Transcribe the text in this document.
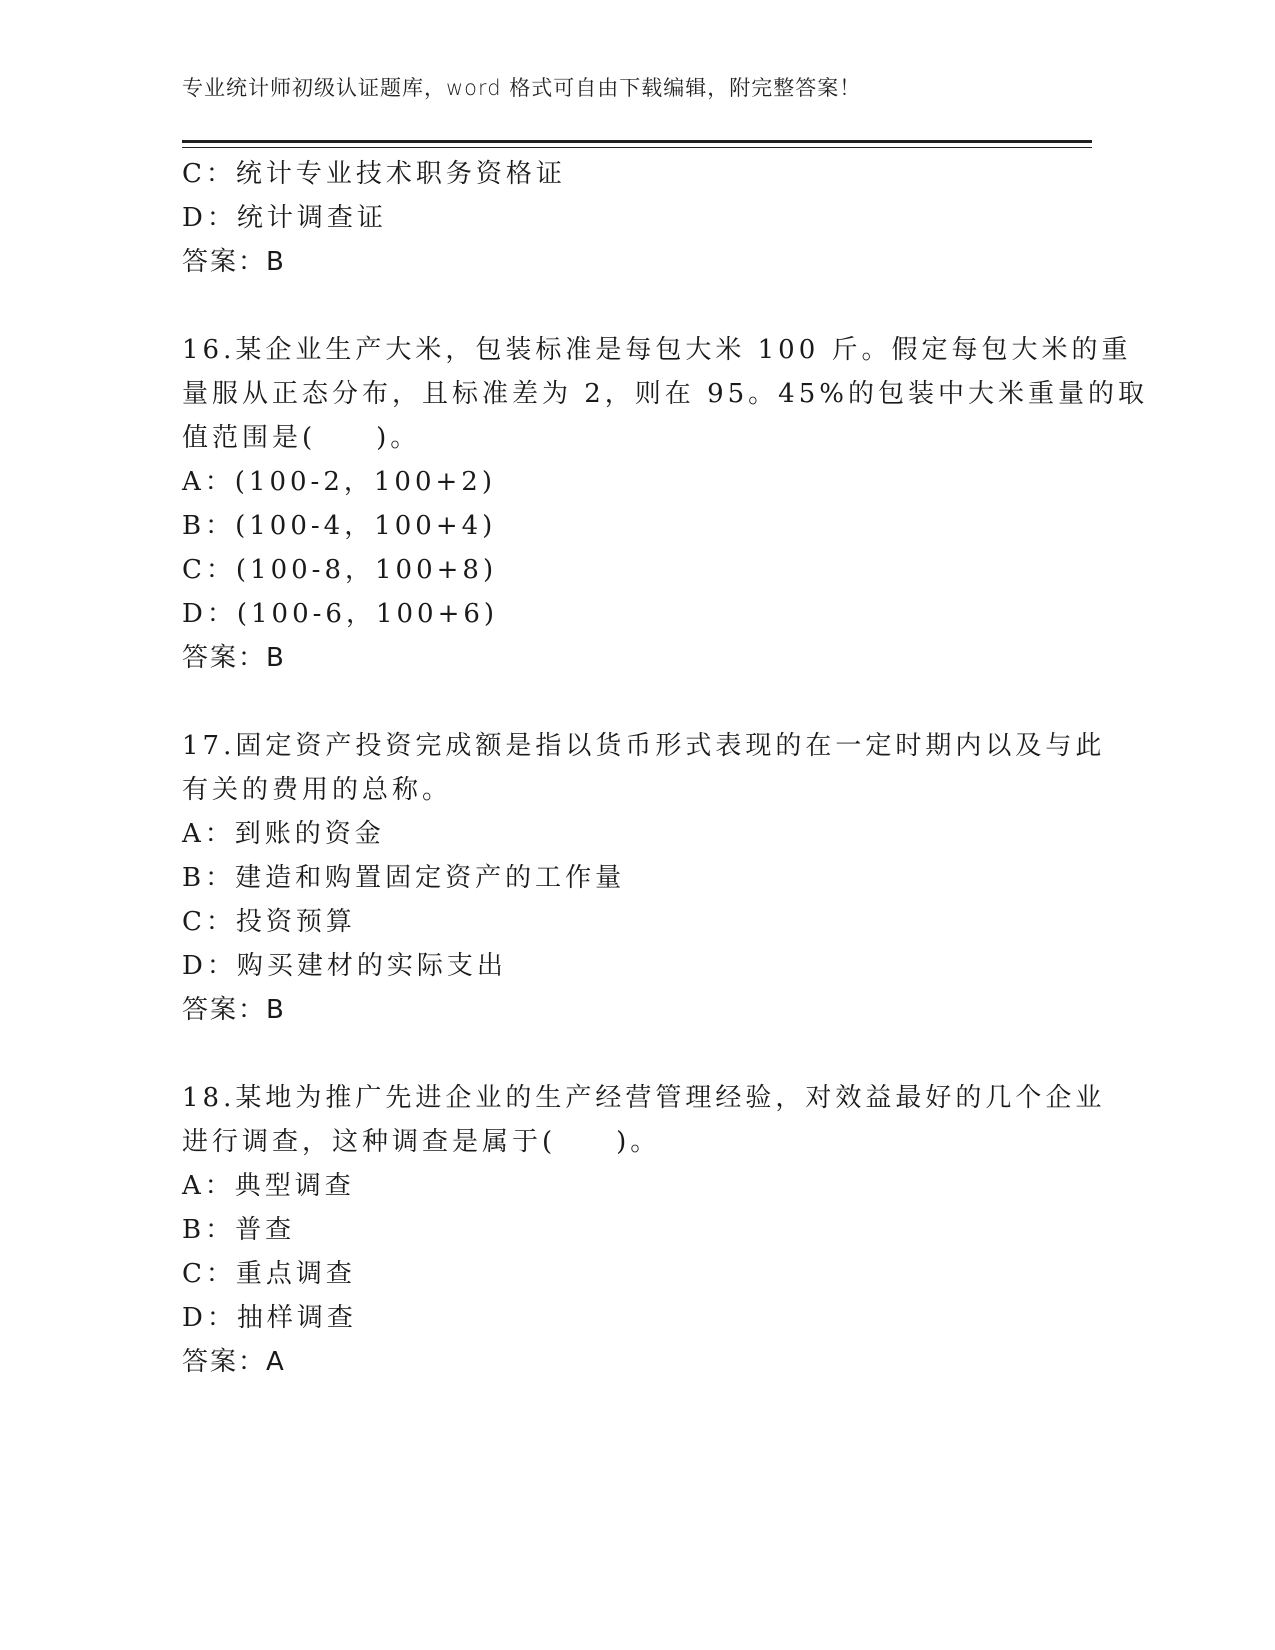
专业统计师初级认证题库，word 格式可自由下载编辑，附完整答案！
C：统计专业技术职务资格证
D：统计调查证
答案：B
16.某企业生产大米，包装标准是每包大米 100 斤。假定每包大米的重
量服从正态分布，且标准差为 2，则在 95。45%的包装中大米重量的取
值范围是(　　)。
A：(100-2，100+2)
B：(100-4，100+4)
C：(100-8，100+8)
D：(100-6，100+6)
答案：B
17.固定资产投资完成额是指以货币形式表现的在一定时期内以及与此
有关的费用的总称。
A：到账的资金
B：建造和购置固定资产的工作量
C：投资预算
D：购买建材的实际支出
答案：B
18.某地为推广先进企业的生产经营管理经验，对效益最好的几个企业
进行调查，这种调查是属于(　　)。
A：典型调查
B：普查
C：重点调查
D：抽样调查
答案：A
